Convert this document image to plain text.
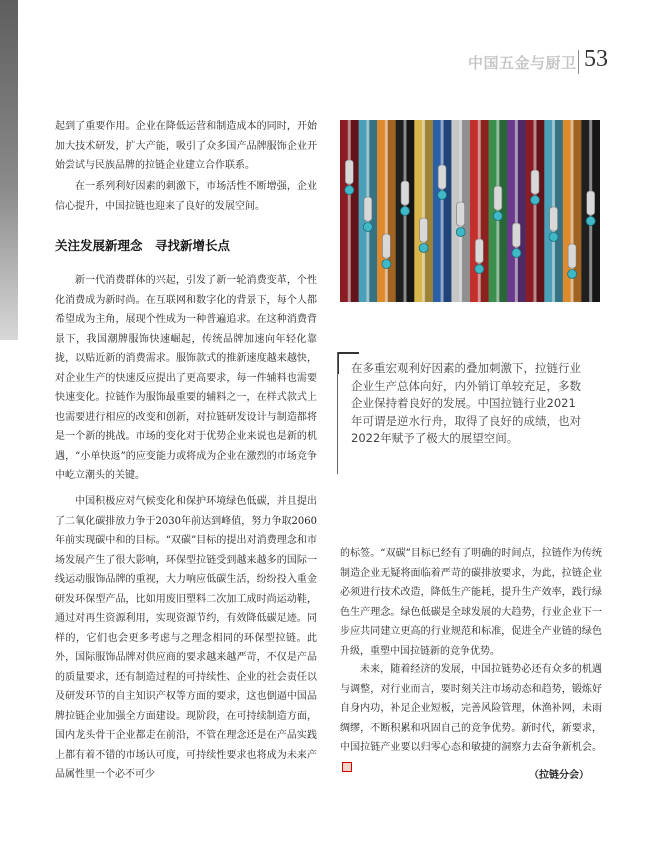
中国五金与厨卫 53

起到了重要作用。企业在降低运营和制造成本的同时，开始加大技术研发，扩大产能，吸引了众多国产品牌服饰企业开始尝试与民族品牌的拉链企业建立合作联系。

在一系列利好因素的刺激下，市场活性不断增强，企业信心提升，中国拉链也迎来了良好的发展空间。

关注发展新理念　寻找新增长点

新一代消费群体的兴起，引发了新一轮消费变革，个性化消费成为新时尚。在互联网和数字化的背景下，每个人都希望成为主角，展现个性成为一种普遍追求。在这种消费背景下，我国潮牌服饰快速崛起，传统品牌加速向年轻化靠拢，以贴近新的消费需求。服饰款式的推新速度越来越快，对企业生产的快速反应提出了更高要求，每一件辅料也需要快速变化。拉链作为服饰最重要的辅料之一，在样式款式上也需要进行相应的改变和创新，对拉链研发设计与制造都将是一个新的挑战。市场的变化对于优势企业来说也是新的机遇，“小单快返”的应变能力或将成为企业在激烈的市场竞争中屹立潮头的关键。

中国积极应对气候变化和保护环境绿色低碳，并且提出了二氧化碳排放力争于2030年前达到峰值，努力争取2060年前实现碳中和的目标。“双碳”目标的提出对消费理念和市场发展产生了很大影响，环保型拉链受到越来越多的国际一线运动服饰品牌的重视，大力响应低碳生活，纷纷投入重金研发环保型产品，比如用废旧塑料二次加工成时尚运动鞋，通过对再生资源利用，实现资源节约，有效降低碳足迹。同样的，它们也会更多考虑与之理念相同的环保型拉链。此外，国际服饰品牌对供应商的要求越来越严苛，不仅是产品的质量要求，还有制造过程的可持续性、企业的社会责任以及研发环节的自主知识产权等方面的要求，这也倒逼中国品牌拉链企业加强全方面建设。现阶段，在可持续制造方面，国内龙头骨干企业都走在前沿，不管在理念还是在产品实践上都有着不错的市场认可度，可持续性要求也将成为未来产品属性里一个必不可少

在多重宏观利好因素的叠加刺激下，拉链行业企业生产总体向好，内外销订单较充足，多数企业保持着良好的发展。中国拉链行业2021年可谓是逆水行舟，取得了良好的成绩，也对2022年赋予了极大的展望空间。

的标签。“双碳”目标已经有了明确的时间点，拉链作为传统制造企业无疑将面临着严苛的碳排放要求，为此，拉链企业必须进行技术改造，降低生产能耗，提升生产效率，践行绿色生产理念。绿色低碳是全球发展的大趋势，行业企业下一步应共同建立更高的行业规范和标准，促进全产业链的绿色升级，重塑中国拉链新的竞争优势。

未来，随着经济的发展，中国拉链势必还有众多的机遇与调整，对行业而言，要时刻关注市场动态和趋势，锻炼好自身内功，补足企业短板，完善风险管理，休渔补网，未雨绸缪，不断积累和巩固自己的竞争优势。新时代，新要求，中国拉链产业要以归零心态和敏捷的洞察力去奋争新机会。

（拉链分会）
